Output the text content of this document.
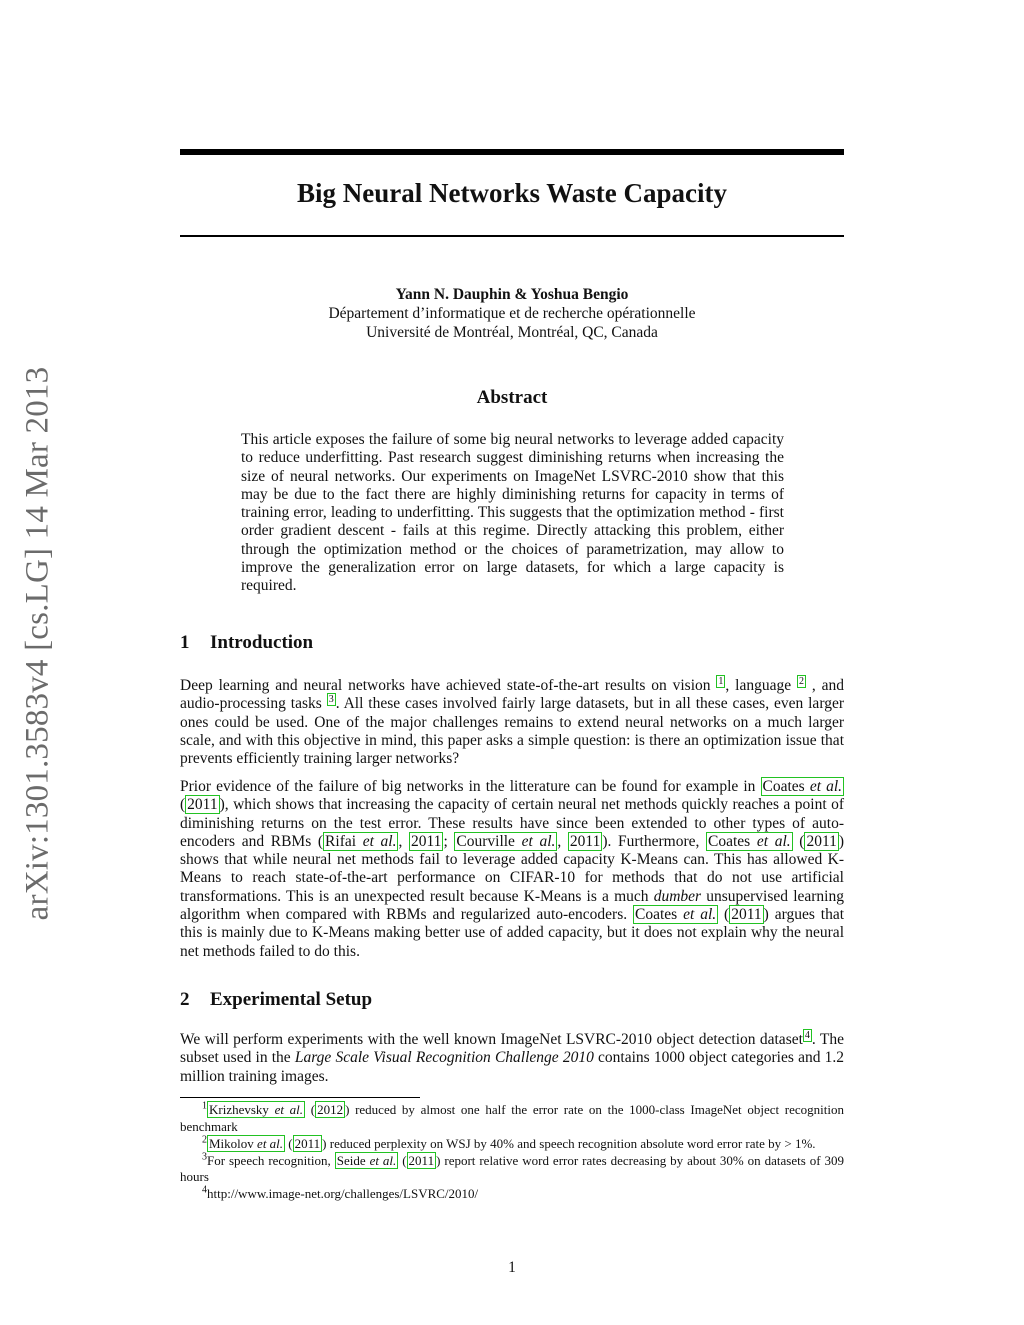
arXiv:1301.3583v4 [cs.LG] 14 Mar 2013
Big Neural Networks Waste Capacity
Yann N. Dauphin & Yoshua Bengio
Département d’informatique et de recherche opérationnelle
Université de Montréal, Montréal, QC, Canada
Abstract

This article exposes the failure of some big neural networks to leverage added capacity to reduce underfitting. Past research suggest diminishing returns when increasing the size of neural networks. Our experiments on ImageNet LSVRC-2010 show that this may be due to the fact there are highly diminishing returns for capacity in terms of training error, leading to underfitting. This suggests that the optimization method - first order gradient descent - fails at this regime. Directly attacking this problem, either through the optimization method or the choices of parametrization, may allow to improve the generalization error on large datasets, for which a large capacity is required.

1 Introduction

Deep learning and neural networks have achieved state-of-the-art results on vision $^1$ , language $^2$ , and audio-processing tasks $^3$ . All these cases involved fairly large datasets, but in all these cases, even larger ones could be used. One of the major challenges remains to extend neural networks on a much larger scale, and with this objective in mind, this paper asks a simple question: is there an optimization issue that prevents efficiently training larger networks?

Prior evidence of the failure of big networks in the litterature can be found for example in Coates et al. ( 2011 ), which shows that increasing the capacity of certain neural net methods quickly reaches a point of diminishing returns on the test error. These results have since been extended to other types of auto-encoders and RBMs ( Rifai et al. , 2011 ; Courville et al. , 2011 ). Furthermore, Coates et al. ( 2011 ) shows that while neural net methods fail to leverage added capacity K-Means can. This has allowed K-Means to reach state-of-the-art performance on CIFAR-10 for methods that do not use artificial transformations. This is an unexpected result because K-Means is a much dumber unsupervised learning algorithm when compared with RBMs and regularized auto-encoders. Coates et al. ( 2011 ) argues that this is mainly due to K-Means making better use of added capacity, but it does not explain why the neural net methods failed to do this.

2 Experimental Setup

We will perform experiments with the well known ImageNet LSVRC-2010 object detection dataset $^4$ . The subset used in the Large Scale Visual Recognition Challenge 2010 contains 1000 object categories and 1.2 million training images.

$^1$ Krizhevsky et al. ( 2012 ) reduced by almost one half the error rate on the 1000-class ImageNet object recognition benchmark

$^2$ Mikolov et al. ( 2011 ) reduced perplexity on WSJ by 40% and speech recognition absolute word error rate by > 1%.

$^3$For speech recognition, Seide et al. ( 2011 ) report relative word error rates decreasing by about 30% on datasets of 309 hours

$^4$http://www.image-net.org/challenges/LSVRC/2010/

1
